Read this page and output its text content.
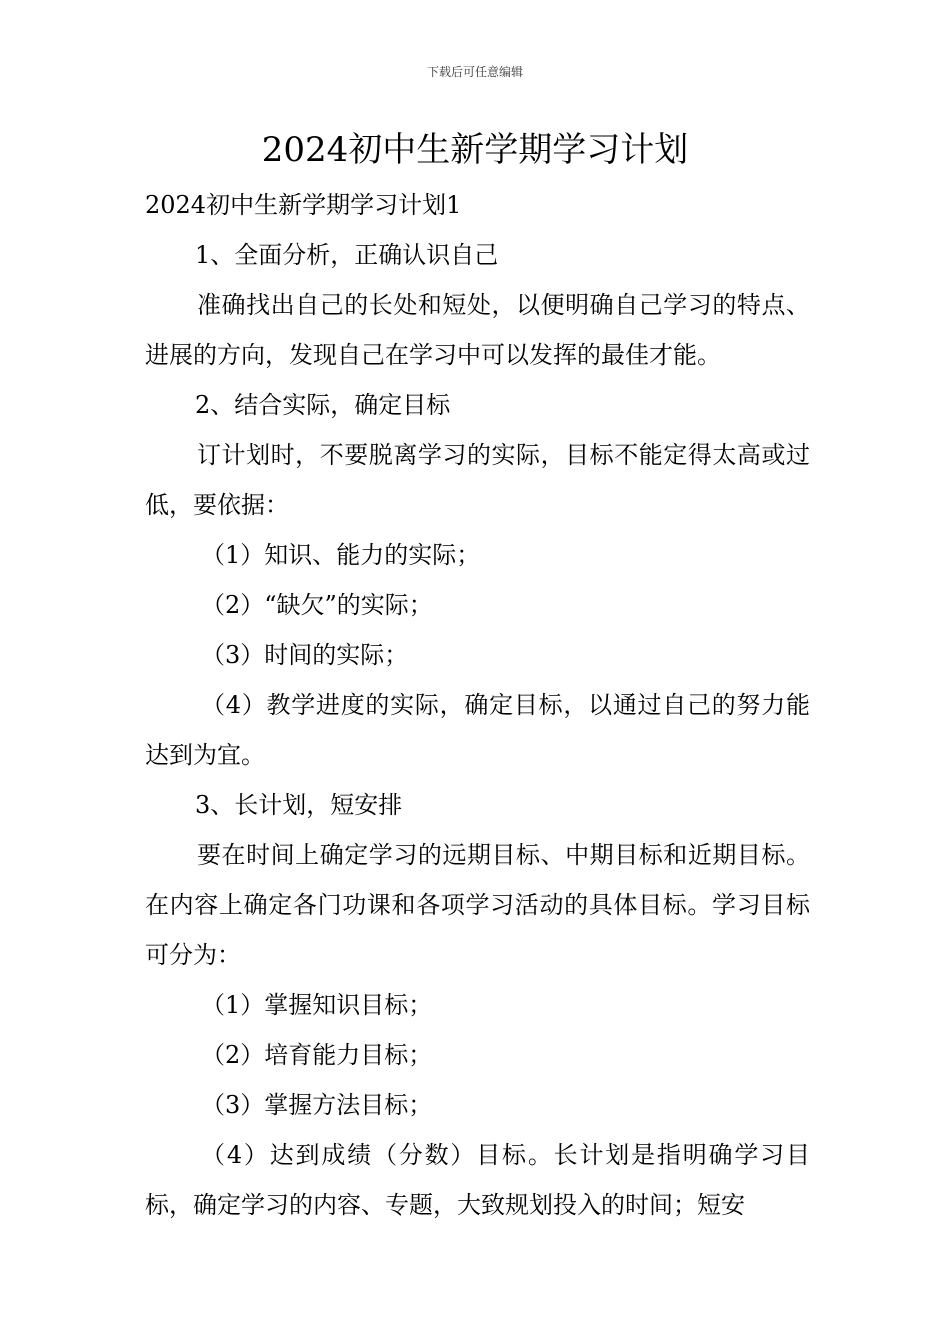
下载后可任意编辑
2024初中生新学期学习计划

2024初中生新学期学习计划1

1、全面分析，正确认识自己

准确找出自己的长处和短处，以便明确自己学习的特点、进展的方向，发现自己在学习中可以发挥的最佳才能。

2、结合实际，确定目标

订计划时，不要脱离学习的实际，目标不能定得太高或过低，要依据：

（1）知识、能力的实际；

（2）“缺欠”的实际；

（3）时间的实际；

（4）教学进度的实际，确定目标，以通过自己的努力能达到为宜。

3、长计划，短安排

要在时间上确定学习的远期目标、中期目标和近期目标。在内容上确定各门功课和各项学习活动的具体目标。学习目标可分为：

（1）掌握知识目标；

（2）培育能力目标；

（3）掌握方法目标；

（4）达到成绩（分数）目标。长计划是指明确学习目标，确定学习的内容、专题，大致规划投入的时间；短安
